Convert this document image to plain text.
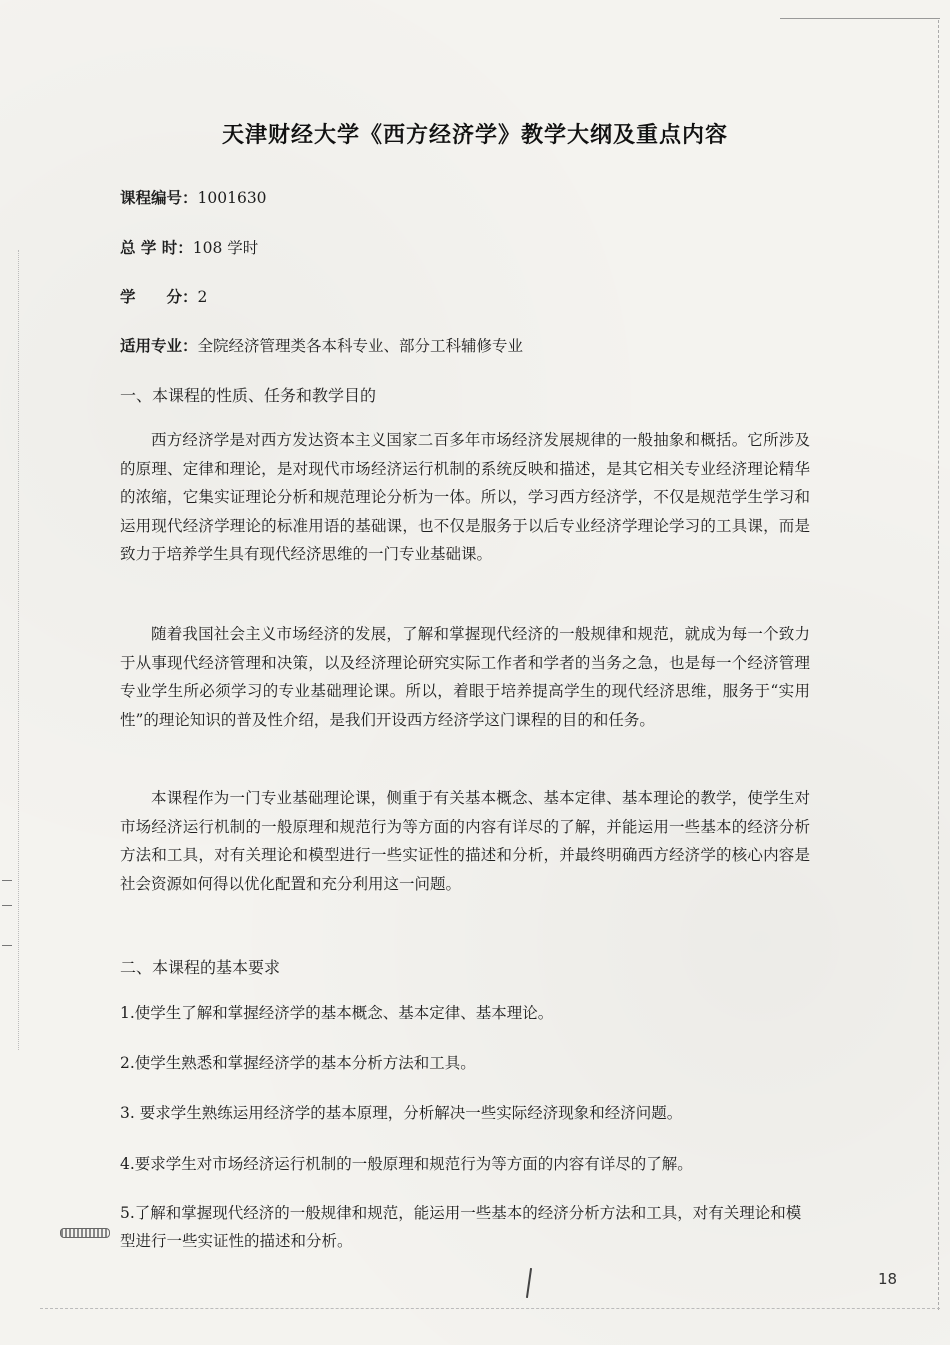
天津财经大学《西方经济学》教学大纲及重点内容
课程编号：1001630
总 学 时：108 学时
学　　分：2
适用专业：全院经济管理类各本科专业、部分工科辅修专业
一、本课程的性质、任务和教学目的

西方经济学是对西方发达资本主义国家二百多年市场经济发展规律的一般抽象和概括。它所涉及的原理、定律和理论，是对现代市场经济运行机制的系统反映和描述，是其它相关专业经济理论精华的浓缩，它集实证理论分析和规范理论分析为一体。所以，学习西方经济学，不仅是规范学生学习和运用现代经济学理论的标准用语的基础课，也不仅是服务于以后专业经济学理论学习的工具课，而是致力于培养学生具有现代经济思维的一门专业基础课。

随着我国社会主义市场经济的发展，了解和掌握现代经济的一般规律和规范，就成为每一个致力于从事现代经济管理和决策，以及经济理论研究实际工作者和学者的当务之急，也是每一个经济管理专业学生所必须学习的专业基础理论课。所以，着眼于培养提高学生的现代经济思维，服务于“实用性”的理论知识的普及性介绍，是我们开设西方经济学这门课程的目的和任务。

本课程作为一门专业基础理论课，侧重于有关基本概念、基本定律、基本理论的教学，使学生对市场经济运行机制的一般原理和规范行为等方面的内容有详尽的了解，并能运用一些基本的经济分析方法和工具，对有关理论和模型进行一些实证性的描述和分析，并最终明确西方经济学的核心内容是社会资源如何得以优化配置和充分利用这一问题。

二、本课程的基本要求

1.使学生了解和掌握经济学的基本概念、基本定律、基本理论。

2.使学生熟悉和掌握经济学的基本分析方法和工具。

3. 要求学生熟练运用经济学的基本原理，分析解决一些实际经济现象和经济问题。

4.要求学生对市场经济运行机制的一般原理和规范行为等方面的内容有详尽的了解。

5.了解和掌握现代经济的一般规律和规范，能运用一些基本的经济分析方法和工具，对有关理论和模型进行一些实证性的描述和分析。

18
